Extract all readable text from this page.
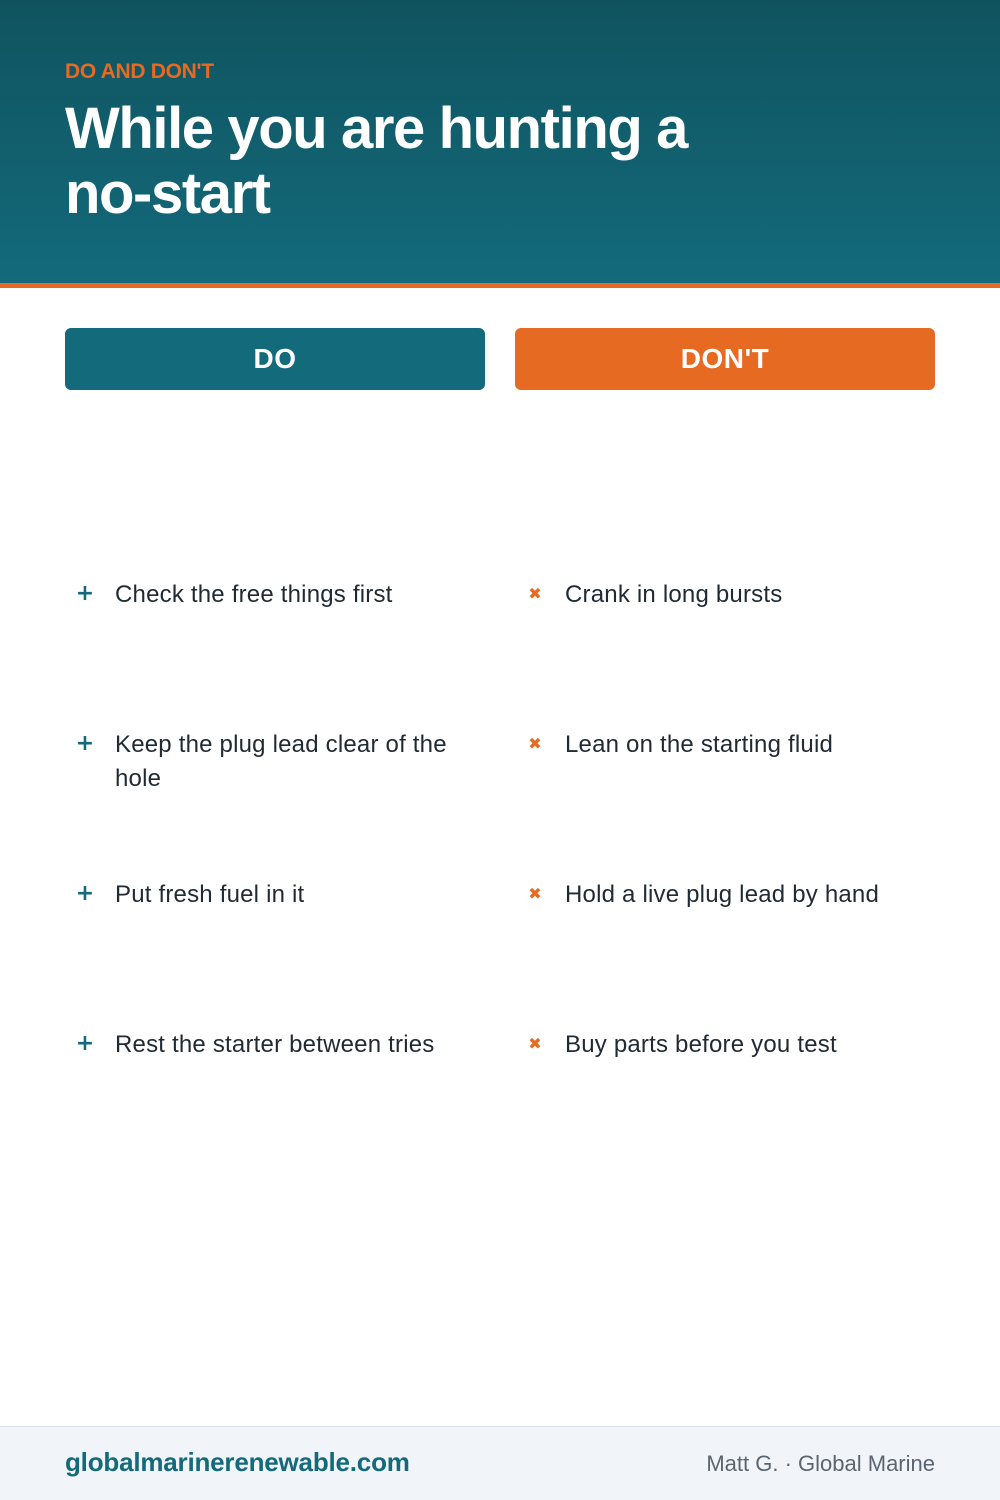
DO AND DON'T
While you are hunting a no-start
DO	DON'T
+ Check the free things first
+ Keep the plug lead clear of the hole
+ Put fresh fuel in it
+ Rest the starter between tries
✖ Crank in long bursts
✖ Lean on the starting fluid
✖ Hold a live plug lead by hand
✖ Buy parts before you test
globalmarinerenewable.com	Matt G. · Global Marine
